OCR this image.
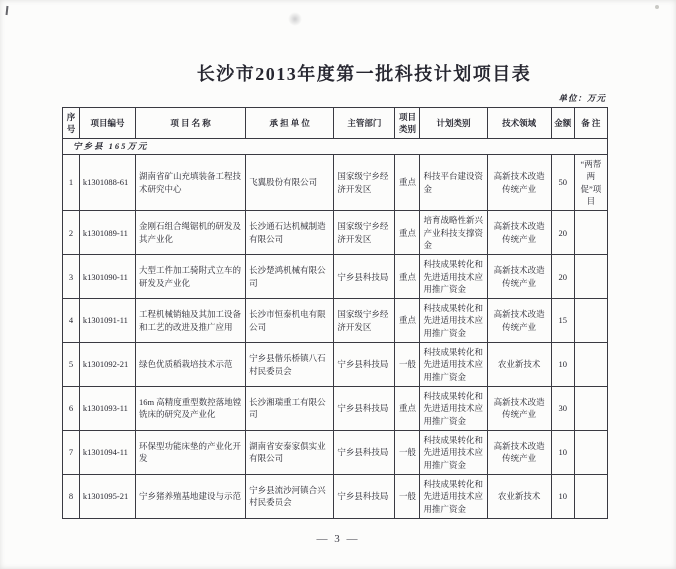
长沙市2013年度第一批科技计划项目表
单位：万元
序号	项目编号	项 目 名 称	承 担 单 位	主管部门	项目类别	计划类别	技术领域	金额	备 注
宁乡县 165万元									
1	k1301088-61	湖南省矿山充填装备工程技术研究中心	飞翼股份有限公司	国家级宁乡经济开发区	重点	科技平台建设资金	高新技术改造传统产业	50	“两帮两促”项目
2	k1301089-11	金刚石组合绳锯机的研发及其产业化	长沙通石达机械制造有限公司	国家级宁乡经济开发区	重点	培育战略性新兴产业科技支撑资金	高新技术改造传统产业	20	
3	k1301090-11	大型工件加工骑附式立车的研发及产业化	长沙楚鸿机械有限公司	宁乡县科技局	重点	科技成果转化和先进适用技术应用推广资金	高新技术改造传统产业	20	
4	k1301091-11	工程机械销轴及其加工设备和工艺的改进及推广应用	长沙市恒泰机电有限公司	国家级宁乡经济开发区	重点	科技成果转化和先进适用技术应用推广资金	高新技术改造传统产业	15	
5	k1301092-21	绿色优质稻栽培技术示范	宁乡县偕乐桥镇八石村民委员会	宁乡县科技局	一般	科技成果转化和先进适用技术应用推广资金	农业新技术	10	
6	k1301093-11	16m 高精度重型数控落地镗铣床的研究及产业化	长沙湘瑞重工有限公司	宁乡县科技局	重点	科技成果转化和先进适用技术应用推广资金	高新技术改造传统产业	30	
7	k1301094-11	环保型功能床垫的产业化开发	湖南省安泰家俱实业有限公司	宁乡县科技局	一般	科技成果转化和先进适用技术应用推广资金	高新技术改造传统产业	10	
8	k1301095-21	宁乡猪养殖基地建设与示范	宁乡县流沙河镇合兴村民委员会	宁乡县科技局	一般	科技成果转化和先进适用技术应用推广资金	农业新技术	10	
— 3 —
